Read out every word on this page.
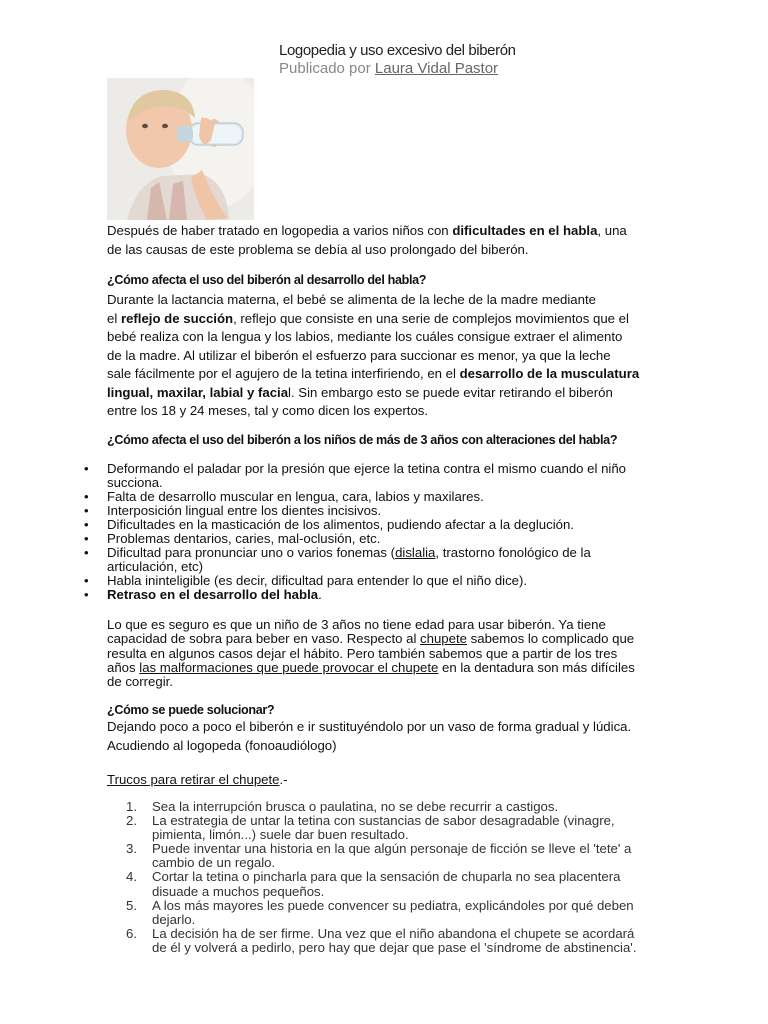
Logopedia y uso excesivo del biberón
Publicado por Laura Vidal Pastor
Después de haber tratado en logopedia a varios niños con dificultades en el habla, una
de las causas de este problema se debía al uso prolongado del biberón.
¿Cómo afecta el uso del biberón al desarrollo del habla?
Durante la lactancia materna, el bebé se alimenta de la leche de la madre mediante
el reflejo de succión, reflejo que consiste en una serie de complejos movimientos que el
bebé realiza con la lengua y los labios, mediante los cuáles consigue extraer el alimento
de la madre. Al utilizar el biberón el esfuerzo para succionar es menor, ya que la leche
sale fácilmente por el agujero de la tetina interfiriendo, en el desarrollo de la musculatura
lingual, maxilar, labial y facial. Sin embargo esto se puede evitar retirando el biberón
entre los 18 y 24 meses, tal y como dicen los expertos.
¿Cómo afecta el uso del biberón a los niños de más de 3 años con alteraciones del habla?
• Deformando el paladar por la presión que ejerce la tetina contra el mismo cuando el niño
succiona.
• Falta de desarrollo muscular en lengua, cara, labios y maxilares.
• Interposición lingual entre los dientes incisivos.
• Dificultades en la masticación de los alimentos, pudiendo afectar a la deglución.
• Problemas dentarios, caries, mal-oclusión, etc.
• Dificultad para pronunciar uno o varios fonemas (dislalia, trastorno fonológico de la
articulación, etc)
• Habla ininteligible (es decir, dificultad para entender lo que el niño dice).
• Retraso en el desarrollo del habla.
Lo que es seguro es que un niño de 3 años no tiene edad para usar biberón. Ya tiene
capacidad de sobra para beber en vaso. Respecto al chupete sabemos lo complicado que
resulta en algunos casos dejar el hábito. Pero también sabemos que a partir de los tres
años las malformaciones que puede provocar el chupete en la dentadura son más difíciles
de corregir.
¿Cómo se puede solucionar?
Dejando poco a poco el biberón e ir sustituyéndolo por un vaso de forma gradual y lúdica.
Acudiendo al logopeda (fonoaudiólogo)
Trucos para retirar el chupete.-
1. Sea la interrupción brusca o paulatina, no se debe recurrir a castigos.
2. La estrategia de untar la tetina con sustancias de sabor desagradable (vinagre,
pimienta, limón...) suele dar buen resultado.
3. Puede inventar una historia en la que algún personaje de ficción se lleve el 'tete' a
cambio de un regalo.
4. Cortar la tetina o pincharla para que la sensación de chuparla no sea placentera
disuade a muchos pequeños.
5. A los más mayores les puede convencer su pediatra, explicándoles por qué deben
dejarlo.
6. La decisión ha de ser firme. Una vez que el niño abandona el chupete se acordará
de él y volverá a pedirlo, pero hay que dejar que pase el 'síndrome de abstinencia'.
